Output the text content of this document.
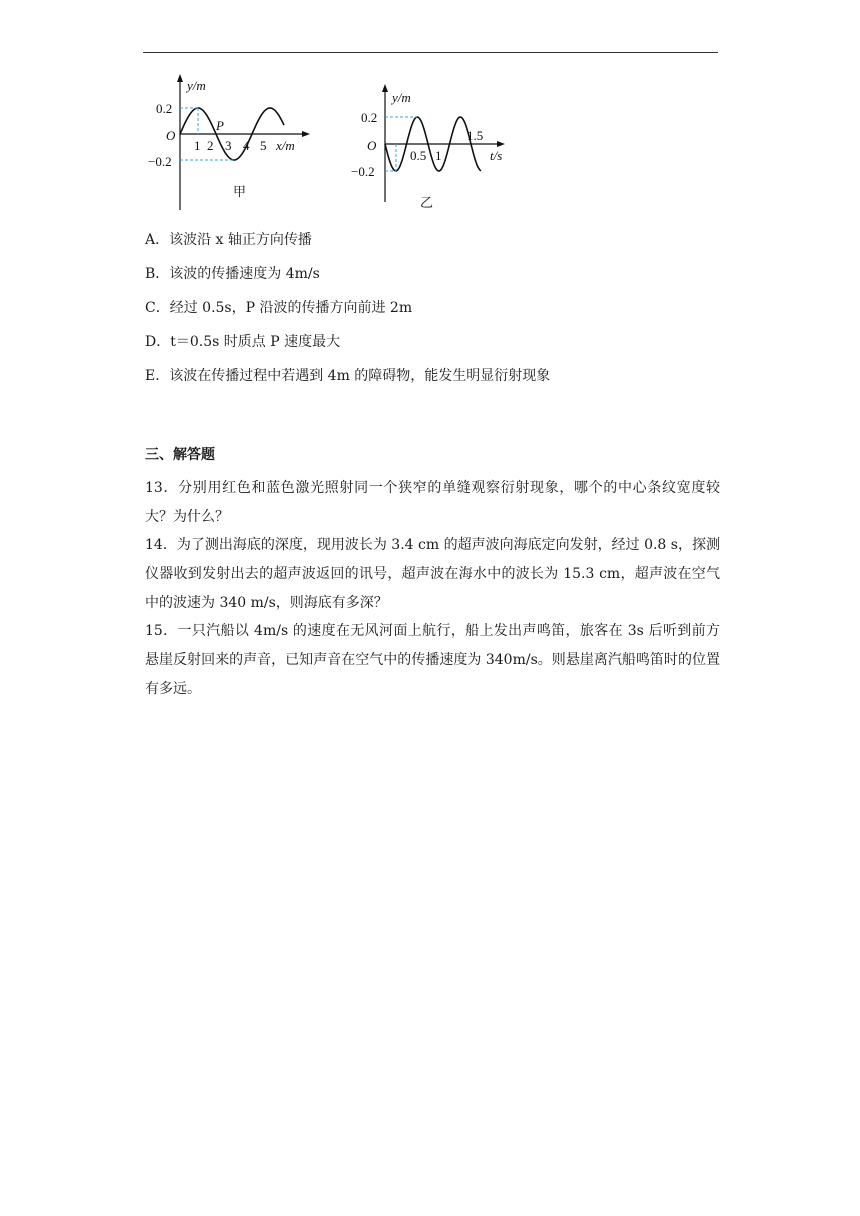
y/m
0.2
−0.2
O
P
1 2 3 4 5 x/m
甲
y/m
0.2
−0.2
O
0.5 1
1.5
t/s
乙
A．该波沿 x 轴正方向传播
B．该波的传播速度为 4m/s
C．经过 0.5s，P 沿波的传播方向前进 2m
D．t＝0.5s 时质点 P 速度最大
E．该波在传播过程中若遇到 4m 的障碍物，能发生明显衍射现象
三、解答题
13．分别用红色和蓝色激光照射同一个狭窄的单缝观察衍射现象，哪个的中心条纹宽度较大？为什么？
14．为了测出海底的深度，现用波长为 3.4 cm 的超声波向海底定向发射，经过 0.8 s，探测仪器收到发射出去的超声波返回的讯号，超声波在海水中的波长为 15.3 cm，超声波在空气中的波速为 340 m/s，则海底有多深？
15．一只汽船以 4m/s 的速度在无风河面上航行，船上发出声鸣笛，旅客在 3s 后听到前方悬崖反射回来的声音，已知声音在空气中的传播速度为 340m/s。则悬崖离汽船鸣笛时的位置有多远。
